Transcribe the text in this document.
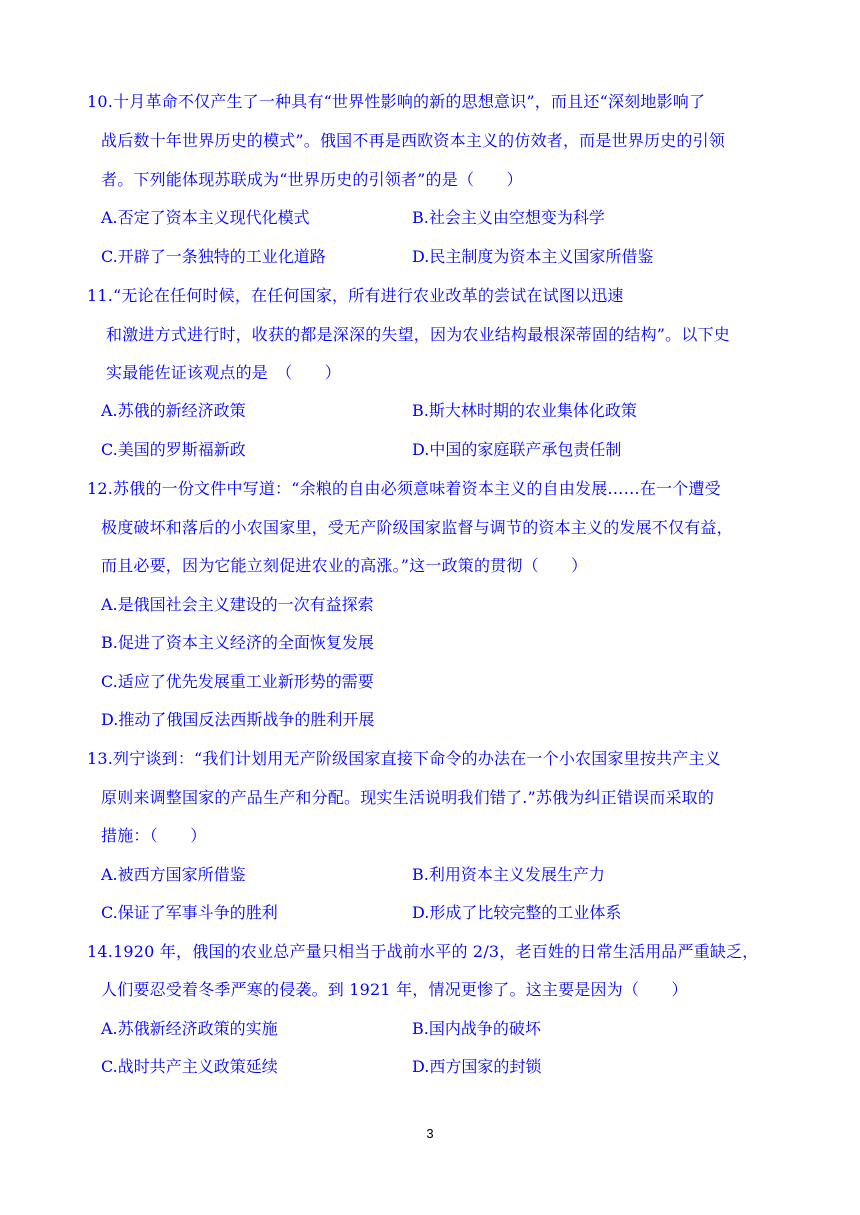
10.十月革命不仅产生了一种具有“世界性影响的新的思想意识”，而且还“深刻地影响了
战后数十年世界历史的模式”。俄国不再是西欧资本主义的仿效者，而是世界历史的引领
者。下列能体现苏联成为“世界历史的引领者”的是（　　）
A.否定了资本主义现代化模式	B.社会主义由空想变为科学
C.开辟了一条独特的工业化道路	D.民主制度为资本主义国家所借鉴
11.“无论在任何时候，在任何国家，所有进行农业改革的尝试在试图以迅速
和激进方式进行时，收获的都是深深的失望，因为农业结构最根深蒂固的结构”。以下史
实最能佐证该观点的是　（　　）
A.苏俄的新经济政策	B.斯大林时期的农业集体化政策
C.美国的罗斯福新政	D.中国的家庭联产承包责任制
12.苏俄的一份文件中写道：“余粮的自由必须意味着资本主义的自由发展……在一个遭受
极度破坏和落后的小农国家里，受无产阶级国家监督与调节的资本主义的发展不仅有益，
而且必要，因为它能立刻促进农业的高涨。”这一政策的贯彻（　　）
A.是俄国社会主义建设的一次有益探索
B.促进了资本主义经济的全面恢复发展
C.适应了优先发展重工业新形势的需要
D.推动了俄国反法西斯战争的胜利开展
13.列宁谈到：“我们计划用无产阶级国家直接下命令的办法在一个小农国家里按共产主义
原则来调整国家的产品生产和分配。现实生活说明我们错了.”苏俄为纠正错误而采取的
措施：（　　）
A.被西方国家所借鉴	B.利用资本主义发展生产力
C.保证了军事斗争的胜利	D.形成了比较完整的工业体系
14.1920 年，俄国的农业总产量只相当于战前水平的 2/3，老百姓的日常生活用品严重缺乏，
人们要忍受着冬季严寒的侵袭。到 1921 年，情况更惨了。这主要是因为（　　）
A.苏俄新经济政策的实施	B.国内战争的破坏
C.战时共产主义政策延续	D.西方国家的封锁
3
